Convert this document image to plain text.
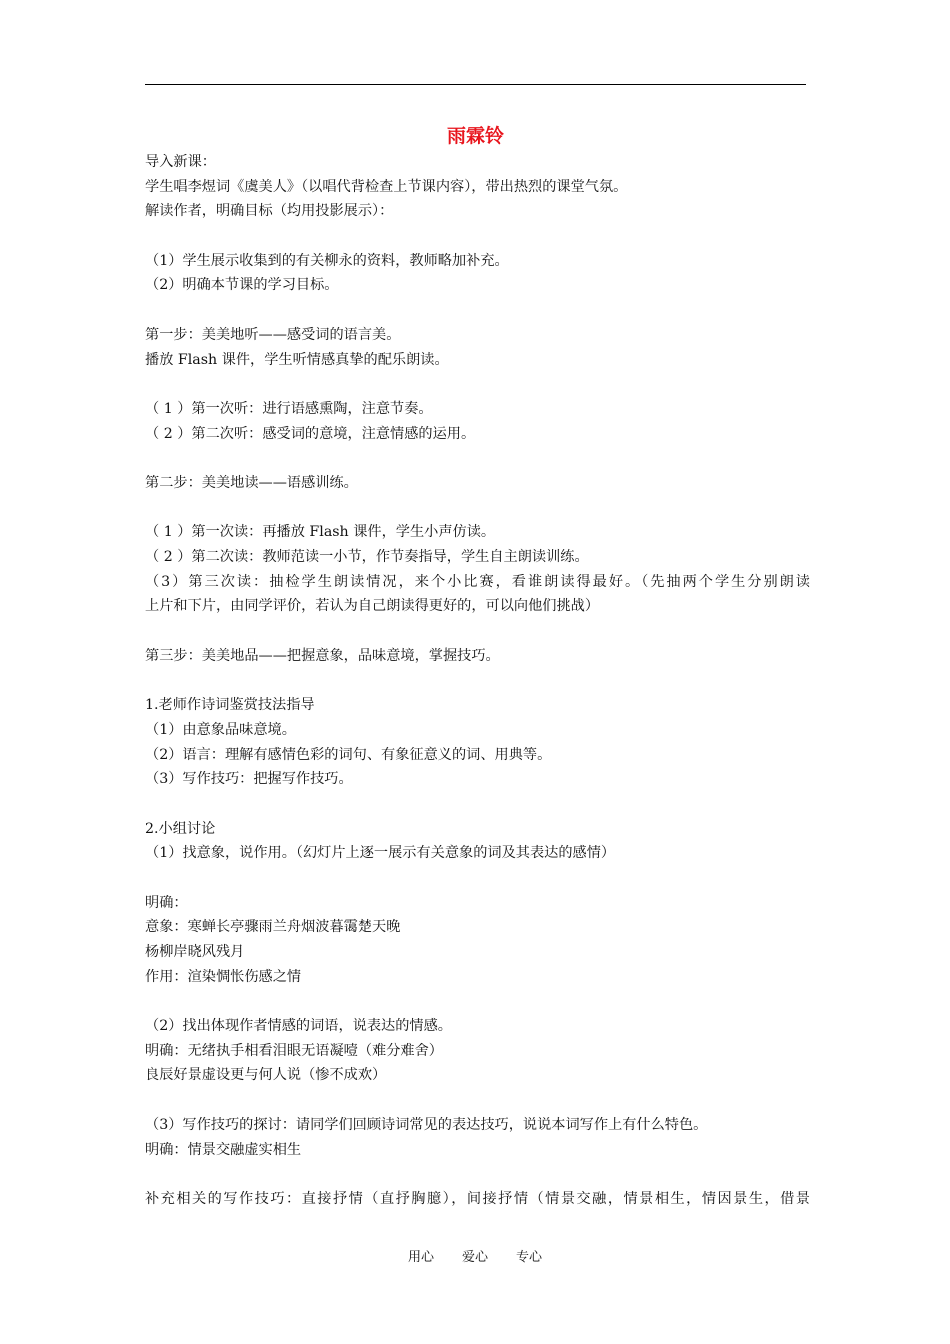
雨霖铃
导入新课：
学生唱李煜词《虞美人》（以唱代背检查上节课内容），带出热烈的课堂气氛。
解读作者，明确目标（均用投影展示）：
（1）学生展示收集到的有关柳永的资料，教师略加补充。
（2）明确本节课的学习目标。
第一步：美美地听——感受词的语言美。
播放 Flash 课件，学生听情感真挚的配乐朗读。
（ 1 ）第一次听：进行语感熏陶，注意节奏。
（ 2 ）第二次听：感受词的意境，注意情感的运用。
第二步：美美地读——语感训练。
（ 1 ）第一次读：再播放 Flash 课件，学生小声仿读。
（ 2 ）第二次读：教师范读一小节，作节奏指导，学生自主朗读训练。
（3）第三次读：抽检学生朗读情况，来个小比赛，看谁朗读得最好。（先抽两个学生分别朗读
上片和下片，由同学评价，若认为自己朗读得更好的，可以向他们挑战）
第三步：美美地品——把握意象，品味意境，掌握技巧。
1.老师作诗词鉴赏技法指导
（1）由意象品味意境。
（2）语言：理解有感情色彩的词句、有象征意义的词、用典等。
（3）写作技巧：把握写作技巧。
2.小组讨论
（1）找意象，说作用。（幻灯片上逐一展示有关意象的词及其表达的感情）
明确：
意象：寒蝉长亭骤雨兰舟烟波暮霭楚天晚
杨柳岸晓风残月
作用：渲染惆怅伤感之情
（2）找出体现作者情感的词语，说表达的情感。
明确：无绪执手相看泪眼无语凝噎（难分难舍）
良辰好景虚设更与何人说（惨不成欢）
（3）写作技巧的探讨：请同学们回顾诗词常见的表达技巧，说说本词写作上有什么特色。
明确：情景交融虚实相生
补充相关的写作技巧：直接抒情（直抒胸臆），间接抒情（情景交融，情景相生，情因景生，借景
用心 爱心 专心
